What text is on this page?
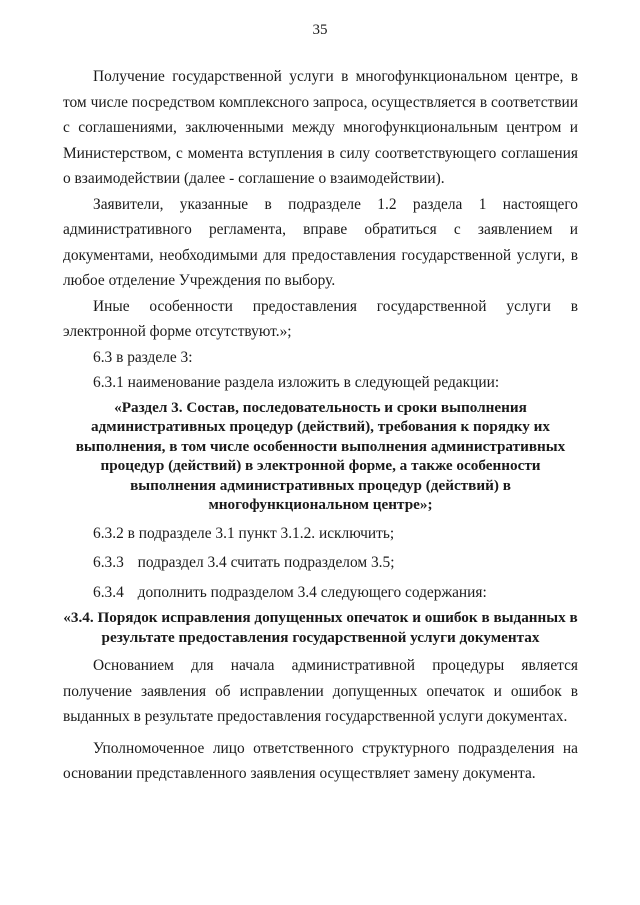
35

Получение государственной услуги в многофункциональном центре, в том числе посредством комплексного запроса, осуществляется в соответствии с соглашениями, заключенными между многофункциональным центром и Министерством, с момента вступления в силу соответствующего соглашения о взаимодействии (далее - соглашение о взаимодействии).

Заявители, указанные в подразделе 1.2 раздела 1 настоящего административного регламента, вправе обратиться с заявлением и документами, необходимыми для предоставления государственной услуги, в любое отделение Учреждения по выбору.

Иные особенности предоставления государственной услуги в электронной форме отсутствуют.»;

6.3 в разделе 3:

6.3.1 наименование раздела изложить в следующей редакции:

«Раздел 3. Состав, последовательность и сроки выполнения административных процедур (действий), требования к порядку их выполнения, в том числе особенности выполнения административных процедур (действий) в электронной форме, а также особенности выполнения административных процедур (действий) в многофункциональном центре»;

6.3.2 в подразделе 3.1 пункт 3.1.2. исключить;

6.3.3 подраздел 3.4 считать подразделом 3.5;

6.3.4 дополнить подразделом 3.4 следующего содержания:

«3.4. Порядок исправления допущенных опечаток и ошибок в выданных в результате предоставления государственной услуги документах

Основанием для начала административной процедуры является получение заявления об исправлении допущенных опечаток и ошибок в выданных в результате предоставления государственной услуги документах.

Уполномоченное лицо ответственного структурного подразделения на основании представленного заявления осуществляет замену документа.
